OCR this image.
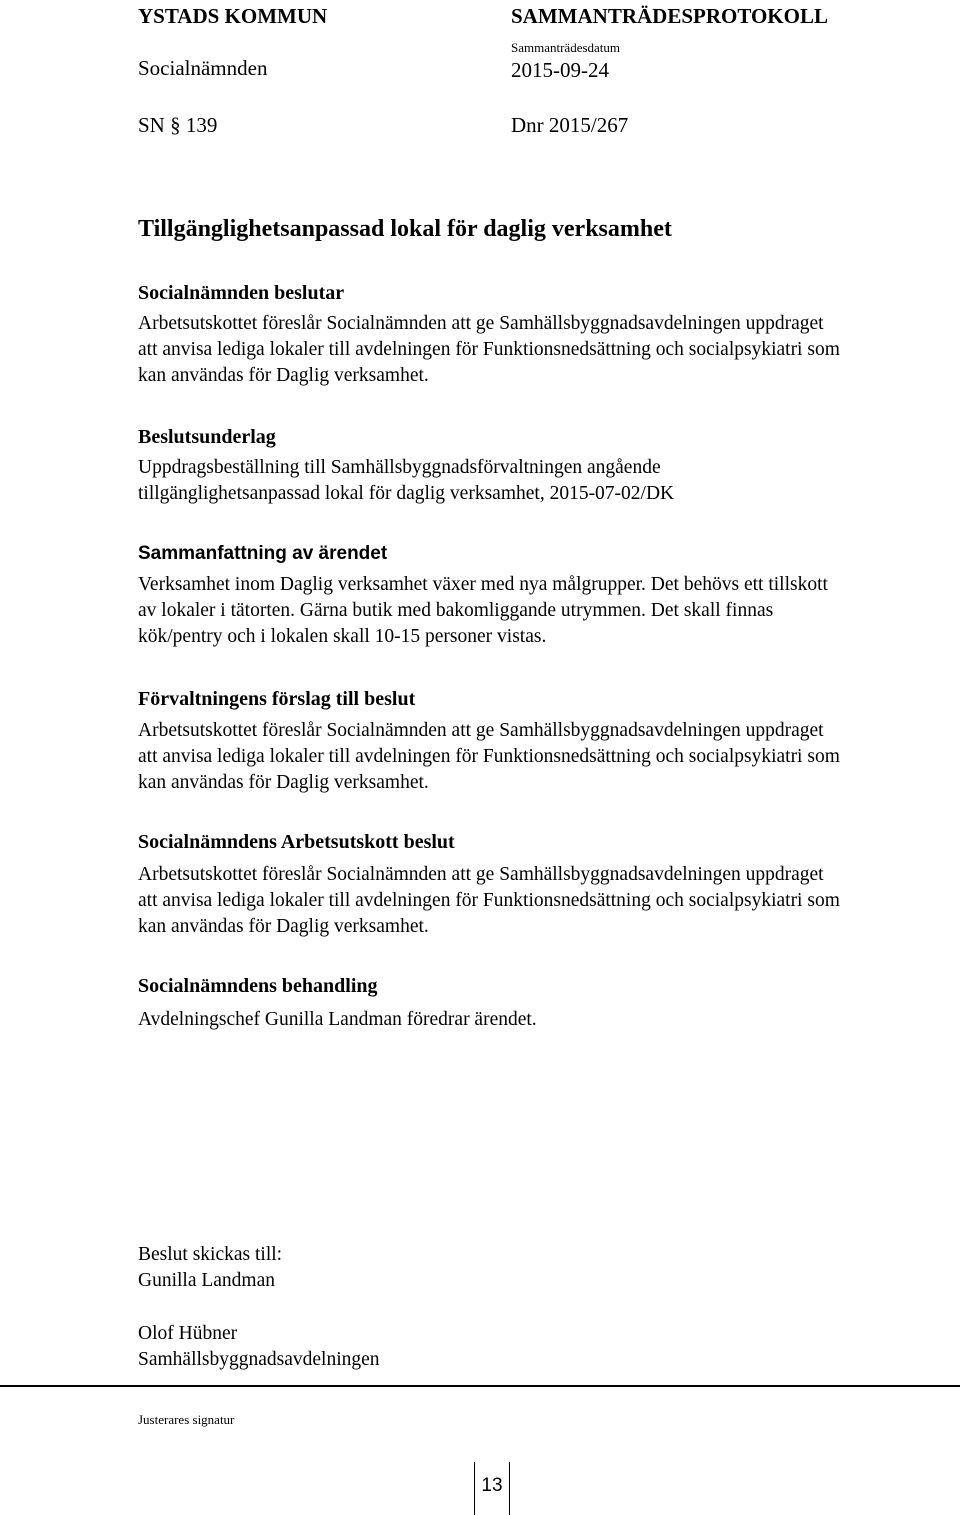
YSTADS KOMMUN	SAMMANTRÄDESPROTOKOLL
Socialnämnden
Sammanträdesdatum
2015-09-24
SN § 139	Dnr 2015/267
Tillgänglighetsanpassad lokal för daglig verksamhet
Socialnämnden beslutar
Arbetsutskottet föreslår Socialnämnden att ge Samhällsbyggnadsavdelningen uppdraget
att anvisa lediga lokaler till avdelningen för Funktionsnedsättning och socialpsykiatri som
kan användas för Daglig verksamhet.
Beslutsunderlag
Uppdragsbeställning till Samhällsbyggnadsförvaltningen angående
tillgänglighetsanpassad lokal för daglig verksamhet, 2015-07-02/DK
Sammanfattning av ärendet
Verksamhet inom Daglig verksamhet växer med nya målgrupper. Det behövs ett tillskott
av lokaler i tätorten. Gärna butik med bakomliggande utrymmen. Det skall finnas
kök/pentry och i lokalen skall 10-15 personer vistas.
Förvaltningens förslag till beslut
Arbetsutskottet föreslår Socialnämnden att ge Samhällsbyggnadsavdelningen uppdraget
att anvisa lediga lokaler till avdelningen för Funktionsnedsättning och socialpsykiatri som
kan användas för Daglig verksamhet.
Socialnämndens Arbetsutskott beslut
Arbetsutskottet föreslår Socialnämnden att ge Samhällsbyggnadsavdelningen uppdraget
att anvisa lediga lokaler till avdelningen för Funktionsnedsättning och socialpsykiatri som
kan användas för Daglig verksamhet.
Socialnämndens behandling
Avdelningschef Gunilla Landman föredrar ärendet.
Beslut skickas till:
Gunilla Landman
Olof Hübner
Samhällsbyggnadsavdelningen
Justerares signatur
13
